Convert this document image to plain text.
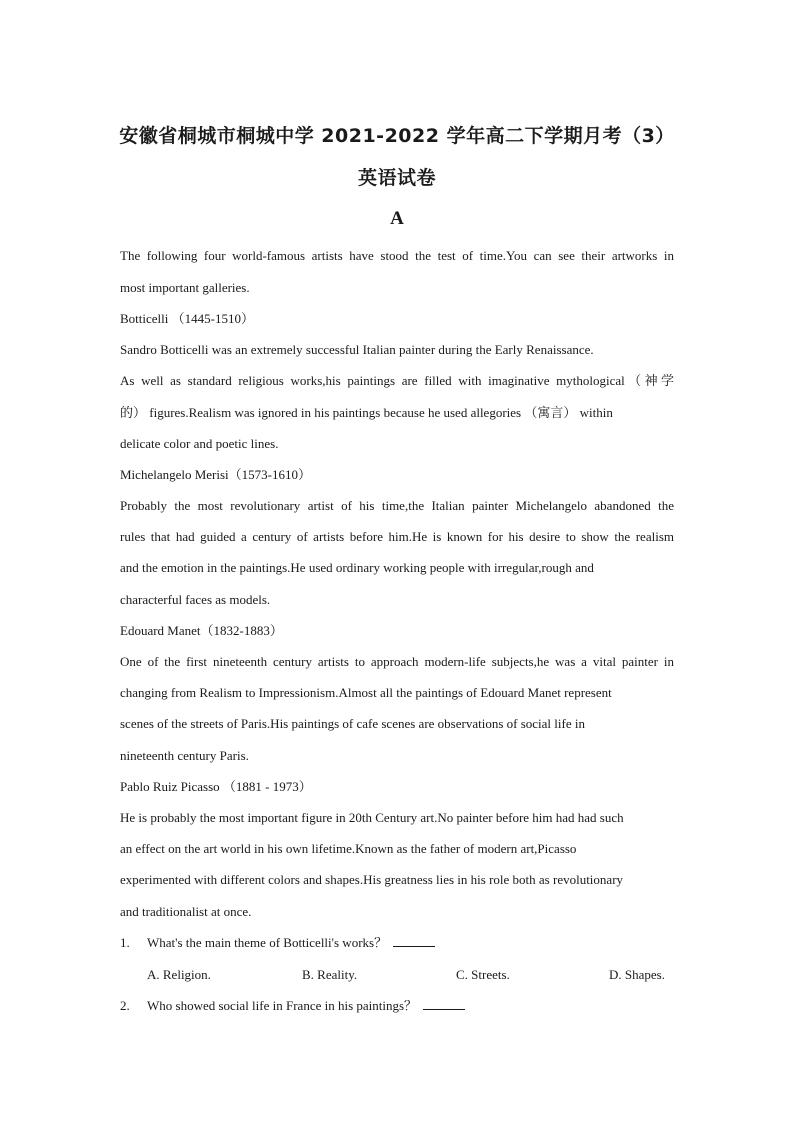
安徽省桐城市桐城中学 2021-2022 学年高二下学期月考（3）
英语试卷
A
The following four world-famous artists have stood the test of time.You can see their artworks in
most important galleries.
Botticelli （1445-1510）
Sandro Botticelli was an extremely successful Italian painter during the Early Renaissance.
As well as standard religious works,his paintings are filled with imaginative mythological（神学
的） figures.Realism was ignored in his paintings because he used allegories （寓言） within
delicate color and poetic lines.
Michelangelo Merisi（1573-1610）
Probably the most revolutionary artist of his time,the Italian painter Michelangelo abandoned the
rules that had guided a century of artists before him.He is known for his desire to show the realism
and the emotion in the paintings.He used ordinary working people with irregular,rough and
characterful faces as models.
Edouard Manet（1832-1883）
One of the first nineteenth century artists to approach modern-life subjects,he was a vital painter in
changing from Realism to Impressionism.Almost all the paintings of Edouard Manet represent
scenes of the streets of Paris.His paintings of cafe scenes are observations of social life in
nineteenth century Paris.
Pablo Ruiz Picasso （1881 - 1973）
He is probably the most important figure in 20th Century art.No painter before him had had such
an effect on the art world in his own lifetime.Known as the father of modern art,Picasso
experimented with different colors and shapes.His greatness lies in his role both as revolutionary
and traditionalist at once.
1. What's the main theme of Botticelli's works？
A. Religion.	B. Reality.	C. Streets.	D. Shapes.
2. Who showed social life in France in his paintings？
